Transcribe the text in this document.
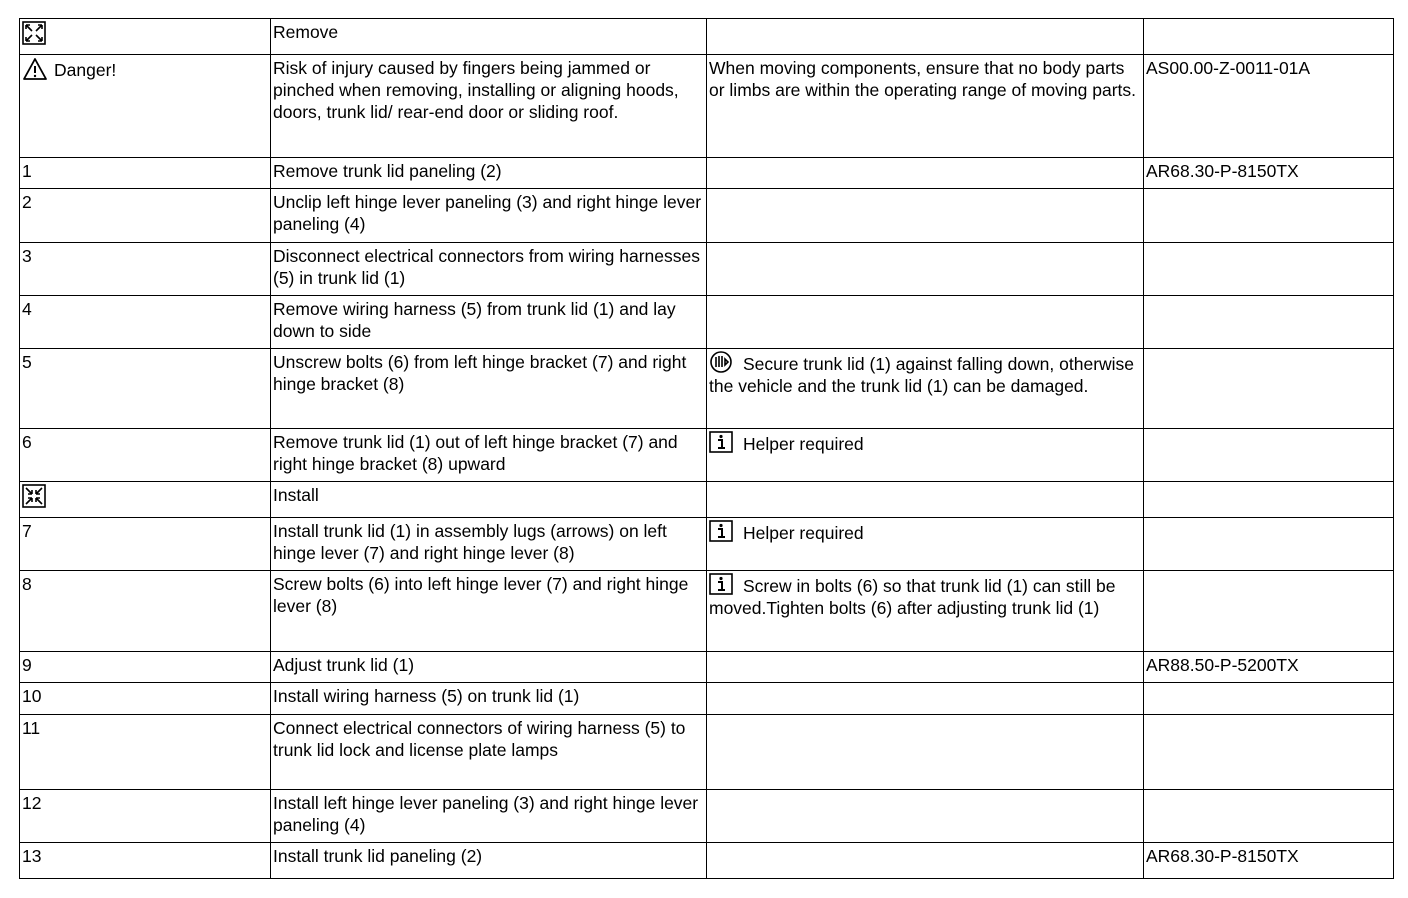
	Remove		

Danger!	Risk of injury caused by fingers being jammed or pinched when removing, installing or aligning hoods, doors, trunk lid/ rear-end door or sliding roof.	When moving components, ensure that no body parts or limbs are within the operating range of moving parts.	AS00.00-Z-0011-01A
1	Remove trunk lid paneling (2)		AR68.30-P-8150TX
2	Unclip left hinge lever paneling (3) and right hinge lever paneling (4)		
3	Disconnect electrical connectors from wiring harnesses (5) in trunk lid (1)		
4	Remove wiring harness (5) from trunk lid (1) and lay down to side		
5	Unscrew bolts (6) from left hinge bracket (7) and right hinge bracket (8)	Secure trunk lid (1) against falling down, otherwise the vehicle and the trunk lid (1) can be damaged.	
6	Remove trunk lid (1) out of left hinge bracket (7) and right hinge bracket (8) upward	Helper required	

	Install		
7	Install trunk lid (1) in assembly lugs (arrows) on left hinge lever (7) and right hinge lever (8)	Helper required	
8	Screw bolts (6) into left hinge lever (7) and right hinge lever (8)	Screw in bolts (6) so that trunk lid (1) can still be moved.Tighten bolts (6) after adjusting trunk lid (1)	
9	Adjust trunk lid (1)		AR88.50-P-5200TX
10	Install wiring harness (5) on trunk lid (1)		
11	Connect electrical connectors of wiring harness (5) to trunk lid lock and license plate lamps		
12	Install left hinge lever paneling (3) and right hinge lever paneling (4)		
13	Install trunk lid paneling (2)		AR68.30-P-8150TX
